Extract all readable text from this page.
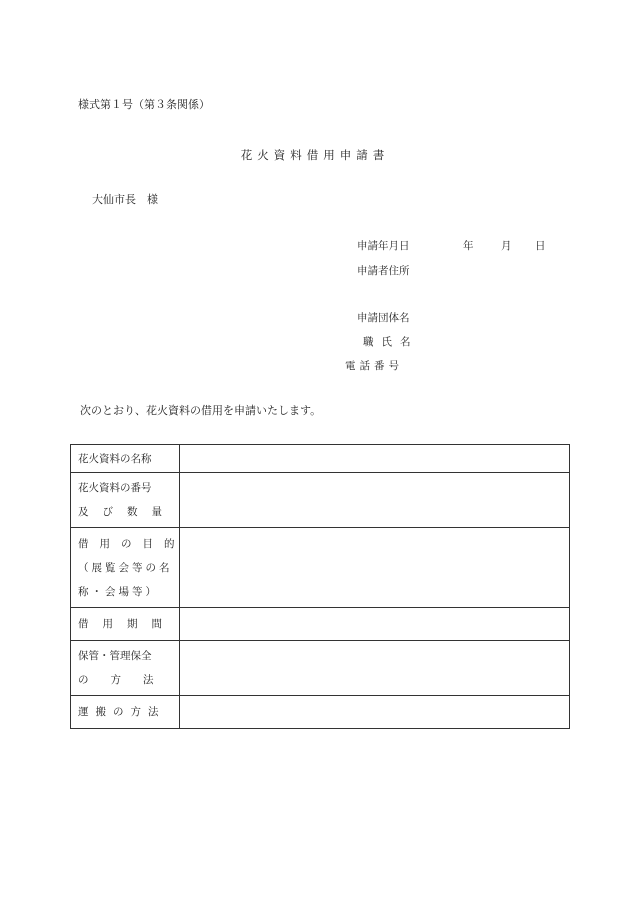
様式第１号（第３条関係）
花火資料借用申請書
大仙市長　様
申請年月日	年	月 日
申請者住所
申請団体名
職氏名
電話番号
次のとおり、花火資料の借用を申請いたします。
花火資料の名称	

花火資料の番号
及び数量	

借用の目的
（展覧会等の名
称・会場等）	

借用期間	

保管・管理保全
の方法	

運搬の方法	
